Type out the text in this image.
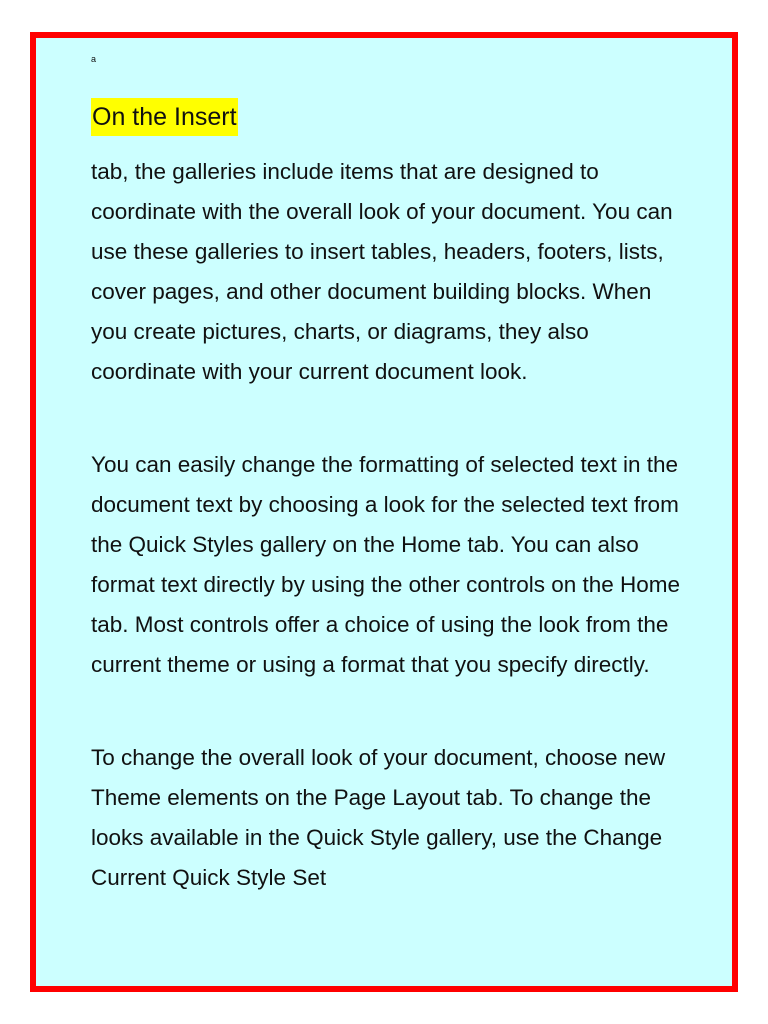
a
On the Insert

tab, the galleries include items that are designed to coordinate with the overall look of your document. You can use these galleries to insert tables, headers, footers, lists, cover pages, and other document building blocks. When you create pictures, charts, or diagrams, they also coordinate with your current document look.

You can easily change the formatting of selected text in the document text by choosing a look for the selected text from the Quick Styles gallery on the Home tab. You can also format text directly by using the other controls on the Home tab. Most controls offer a choice of using the look from the current theme or using a format that you specify directly.

To change the overall look of your document, choose new Theme elements on the Page Layout tab. To change the looks available in the Quick Style gallery, use the Change Current Quick Style Set
